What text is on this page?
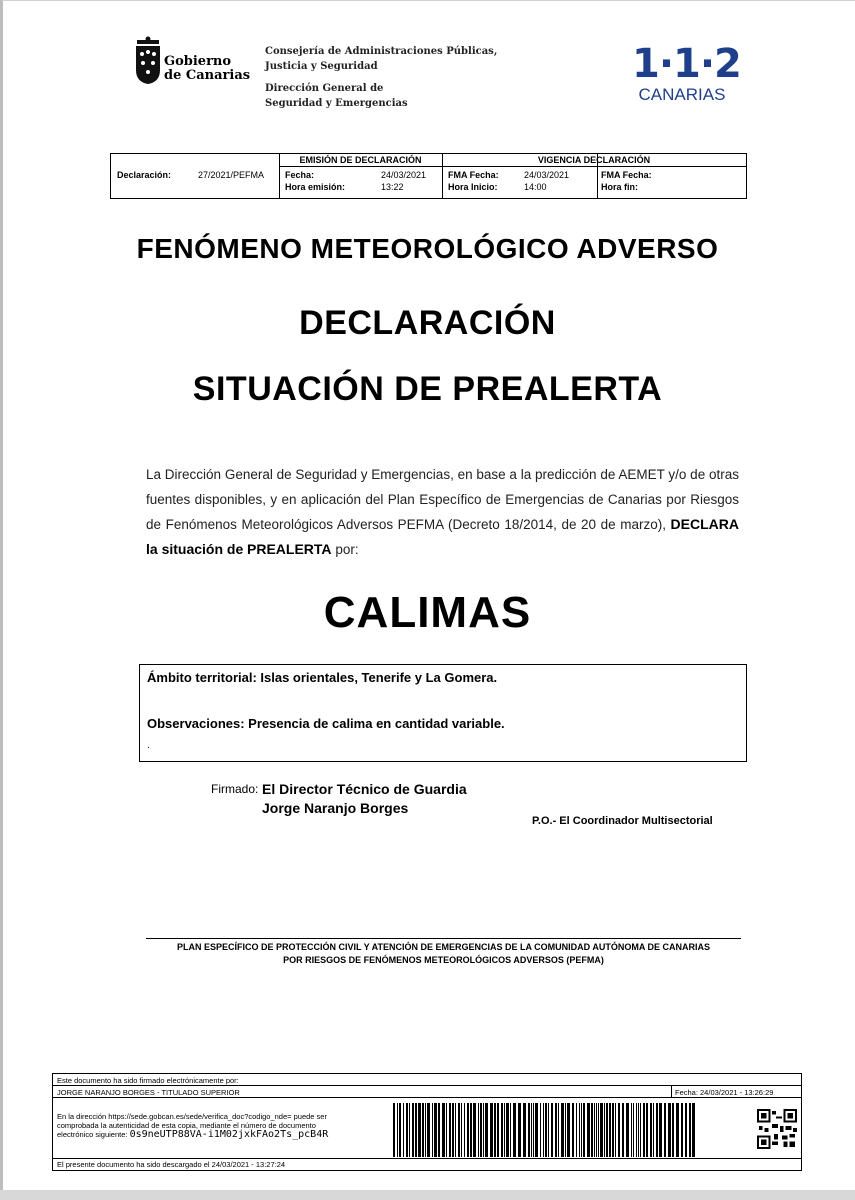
Gobierno
de Canarias
Consejería de Administraciones Públicas,
Justicia y Seguridad
Dirección General de
Seguridad y Emergencias
1·1·2
CANARIAS
Declaración:	27/2021/PEFMA
EMISIÓN DE DECLARACIÓN
Fecha:	24/03/2021
Hora emisión:	13:22
VIGENCIA DECLARACIÓN
FMA Fecha:	24/03/2021
Hora Inicio:	14:00
FMA Fecha:
Hora fin:
FENÓMENO METEOROLÓGICO ADVERSO
DECLARACIÓN
SITUACIÓN DE PREALERTA
La Dirección General de Seguridad y Emergencias, en base a la predicción de AEMET y/o de otras fuentes disponibles, y en aplicación del Plan Específico de Emergencias de Canarias por Riesgos de Fenómenos Meteorológicos Adversos PEFMA (Decreto 18/2014, de 20 de marzo), DECLARA la situación de PREALERTA por:
CALIMAS
Ámbito territorial: Islas orientales, Tenerife y La Gomera.
Observaciones: Presencia de calima en cantidad variable.
.
Firmado: El Director Técnico de Guardia
Jorge Naranjo Borges
P.O.- El Coordinador Multisectorial
PLAN ESPECÍFICO DE PROTECCIÓN CIVIL Y ATENCIÓN DE EMERGENCIAS DE LA COMUNIDAD AUTÓNOMA DE CANARIAS
POR RIESGOS DE FENÓMENOS METEOROLÓGICOS ADVERSOS (PEFMA)
Este documento ha sido firmado electrónicamente por:
JORGE NARANJO BORGES - TITULADO SUPERIOR	Fecha: 24/03/2021 - 13:26:29
En la dirección https://sede.gobcan.es/sede/verifica_doc?codigo_nde= puede ser
comprobada la autenticidad de esta copia, mediante el número de documento
electrónico siguiente: 0s9neUTP88VA-i1M02jxkFAo2Ts_pcB4R
El presente documento ha sido descargado el 24/03/2021 - 13:27:24
